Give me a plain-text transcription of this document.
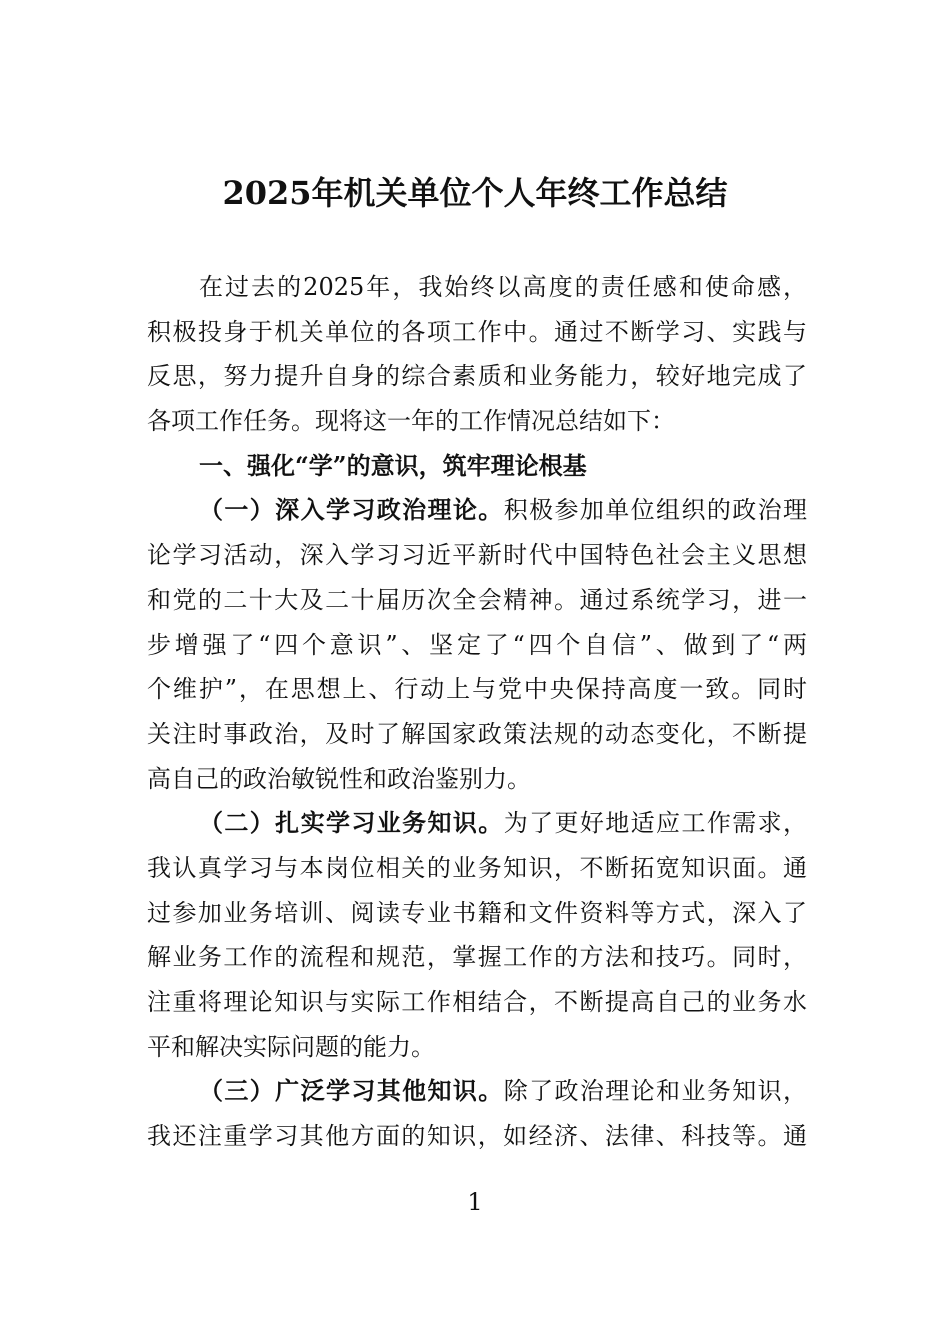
2025年机关单位个人年终工作总结
在过去的2025年，我始终以高度的责任感和使命感，
积极投身于机关单位的各项工作中。通过不断学习、实践与
反思，努力提升自身的综合素质和业务能力，较好地完成了
各项工作任务。现将这一年的工作情况总结如下：
一、强化“学”的意识，筑牢理论根基
（一）深入学习政治理论。积极参加单位组织的政治理
论学习活动，深入学习习近平新时代中国特色社会主义思想
和党的二十大及二十届历次全会精神。通过系统学习，进一
步增强了“四个意识”、坚定了“四个自信”、做到了“两
个维护”，在思想上、行动上与党中央保持高度一致。同时
关注时事政治，及时了解国家政策法规的动态变化，不断提
高自己的政治敏锐性和政治鉴别力。
（二）扎实学习业务知识。为了更好地适应工作需求，
我认真学习与本岗位相关的业务知识，不断拓宽知识面。通
过参加业务培训、阅读专业书籍和文件资料等方式，深入了
解业务工作的流程和规范，掌握工作的方法和技巧。同时，
注重将理论知识与实际工作相结合，不断提高自己的业务水
平和解决实际问题的能力。
（三）广泛学习其他知识。除了政治理论和业务知识，
我还注重学习其他方面的知识，如经济、法律、科技等。通
1
